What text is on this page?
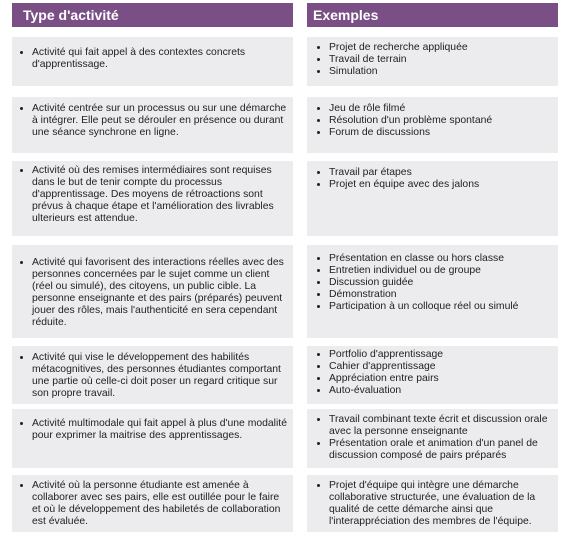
Type d'activité	Exemples
• Activité qui fait appel à des contextes concrets d'apprentissage.
• Projet de recherche appliquée
• Travail de terrain
• Simulation
• Activité centrée sur un processus ou sur une démarche à intégrer. Elle peut se dérouler en présence ou durant une séance synchrone en ligne.
• Jeu de rôle filmé
• Résolution d'un problème spontané
• Forum de discussions
• Activité où des remises intermédiaires sont requises dans le but de tenir compte du processus d'apprentissage. Des moyens de rétroactions sont prévus à chaque étape et l'amélioration des livrables ulterieurs est attendue.
• Travail par étapes
• Projet en équipe avec des jalons
• Activité qui favorisent des interactions réelles avec des personnes concernées par le sujet comme un client (réel ou simulé), des citoyens, un public cible. La personne enseignante et des pairs (préparés) peuvent jouer des rôles, mais l'authenticité en sera cependant réduite.
• Présentation en classe ou hors classe
• Entretien individuel ou de groupe
• Discussion guidée
• Démonstration
• Participation à un colloque réel ou simulé
• Activité qui vise le développement des habilités métacognitives, des personnes étudiantes comportant une partie où celle-ci doit poser un regard critique sur son propre travail.
• Portfolio d'apprentissage
• Cahier d'apprentissage
• Appréciation entre pairs
• Auto-évaluation
• Activité multimodale qui fait appel à plus d'une modalité pour exprimer la maitrise des apprentissages.
• Travail combinant texte écrit et discussion orale avec la personne enseignante
• Présentation orale et animation d'un panel de discussion composé de pairs préparés
• Activité où la personne étudiante est amenée à collaborer avec ses pairs, elle est outillée pour le faire et où le développement des habiletés de collaboration est évaluée.
• Projet d'équipe qui intègre une démarche collaborative structurée, une évaluation de la qualité de cette démarche ainsi que l'interappréciation des membres de l'équipe.
